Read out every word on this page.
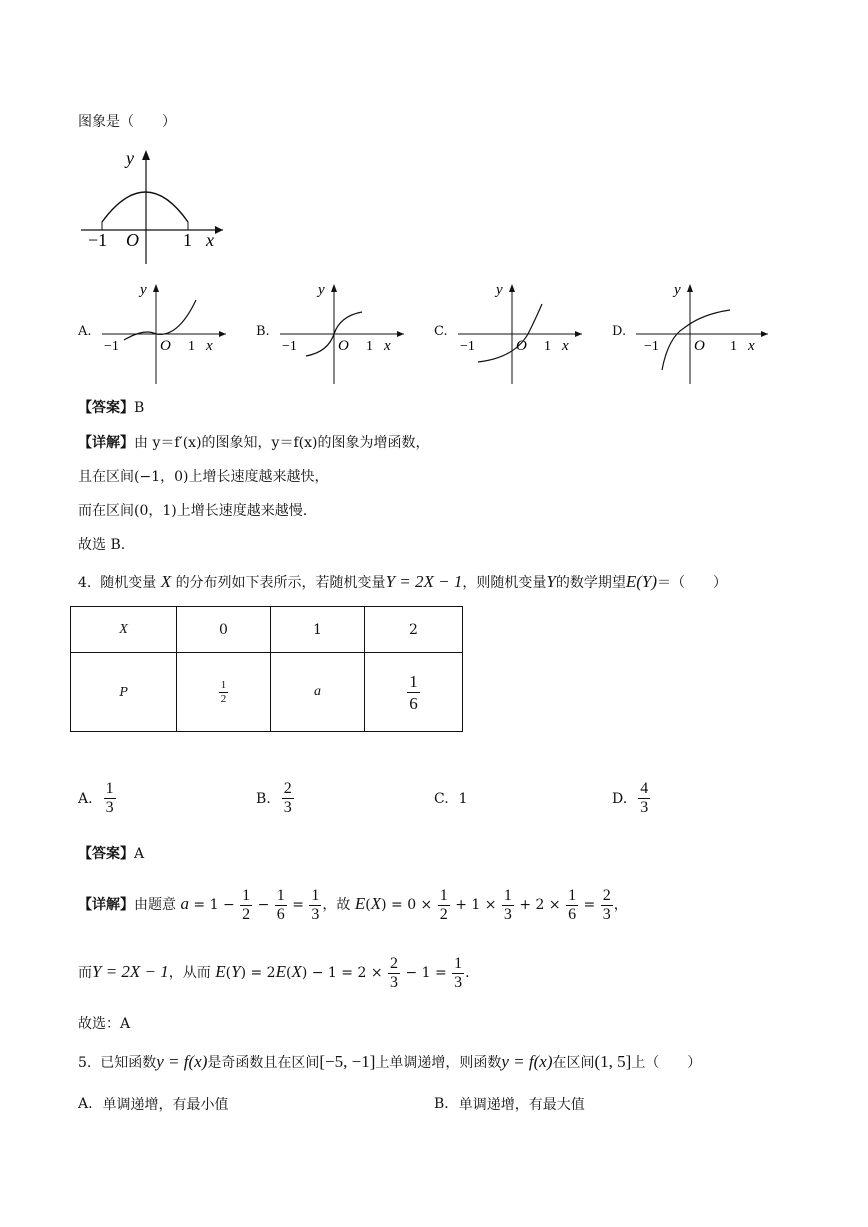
图象是（　　）
y
x
O
−1	1
A.
y
x
O
−1	1
B.
y
x
O
−1	1
C.
y
x
O
−1	1
D.
y
x
O
−1	1
【答案】B
【详解】由 y＝f′(x)的图象知，y＝f(x)的图象为增函数，
且在区间(−1，0)上增长速度越来越快，
而在区间(0，1)上增长速度越来越慢.
故选 B.
4. 随机变量 X 的分布列如下表所示，若随机变量Y = 2X − 1，则随机变量Y的数学期望E(Y)＝（　　）
X	0	1	2
P	$\frac{1}{2}$	a	$\frac{1}{6}$
A. $\frac{1}{3}$	B. $\frac{2}{3}$	C. 1	D. $\frac{4}{3}$
【答案】A
【详解】由题意 $a = 1 - \frac{1}{2} - \frac{1}{6} = \frac{1}{3}$ ，故 $E(X) = 0 \times \frac{1}{2} + 1 \times \frac{1}{3} + 2 \times \frac{1}{6} = \frac{2}{3}$ ，
而Y = 2X − 1，从而 $E(Y) = 2E(X) - 1 = 2 \times \frac{2}{3} - 1 = \frac{1}{3}$ .
故选：A
5. 已知函数y = f(x)是奇函数且在区间[−5, −1]上单调递增，则函数y = f(x)在区间(1, 5]上（　　）
A. 单调递增，有最小值	B. 单调递增，有最大值
